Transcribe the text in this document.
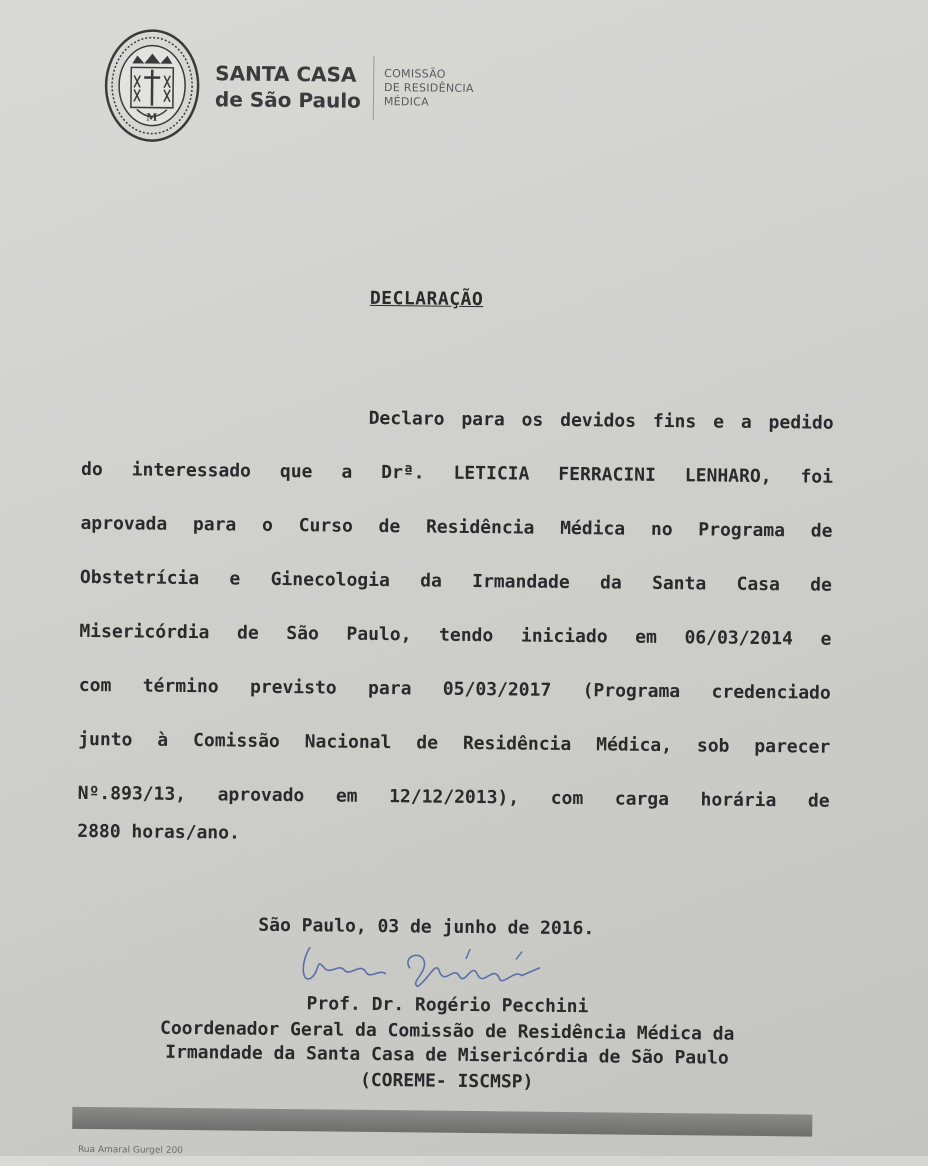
M
SANTA CASA
de São Paulo
COMISSÃO
DE RESIDÊNCIA
MÉDICA
DECLARAÇÃO
Declaro para os devidos fins e a pedido
do interessado que a Drª. LETICIA FERRACINI LENHARO, foi
aprovada para o Curso de Residência Médica no Programa de
Obstetrícia e Ginecologia da Irmandade da Santa Casa de
Misericórdia de São Paulo, tendo iniciado em 06/03/2014 e
com término previsto para 05/03/2017 (Programa credenciado
junto à Comissão Nacional de Residência Médica, sob parecer
Nº.893/13, aprovado em 12/12/2013), com carga horária de
2880 horas/ano.
São Paulo, 03 de junho de 2016.
Prof. Dr. Rogério Pecchini
Coordenador Geral da Comissão de Residência Médica da
Irmandade da Santa Casa de Misericórdia de São Paulo
(COREME- ISCMSP)
Rua Amaral Gurgel 200
